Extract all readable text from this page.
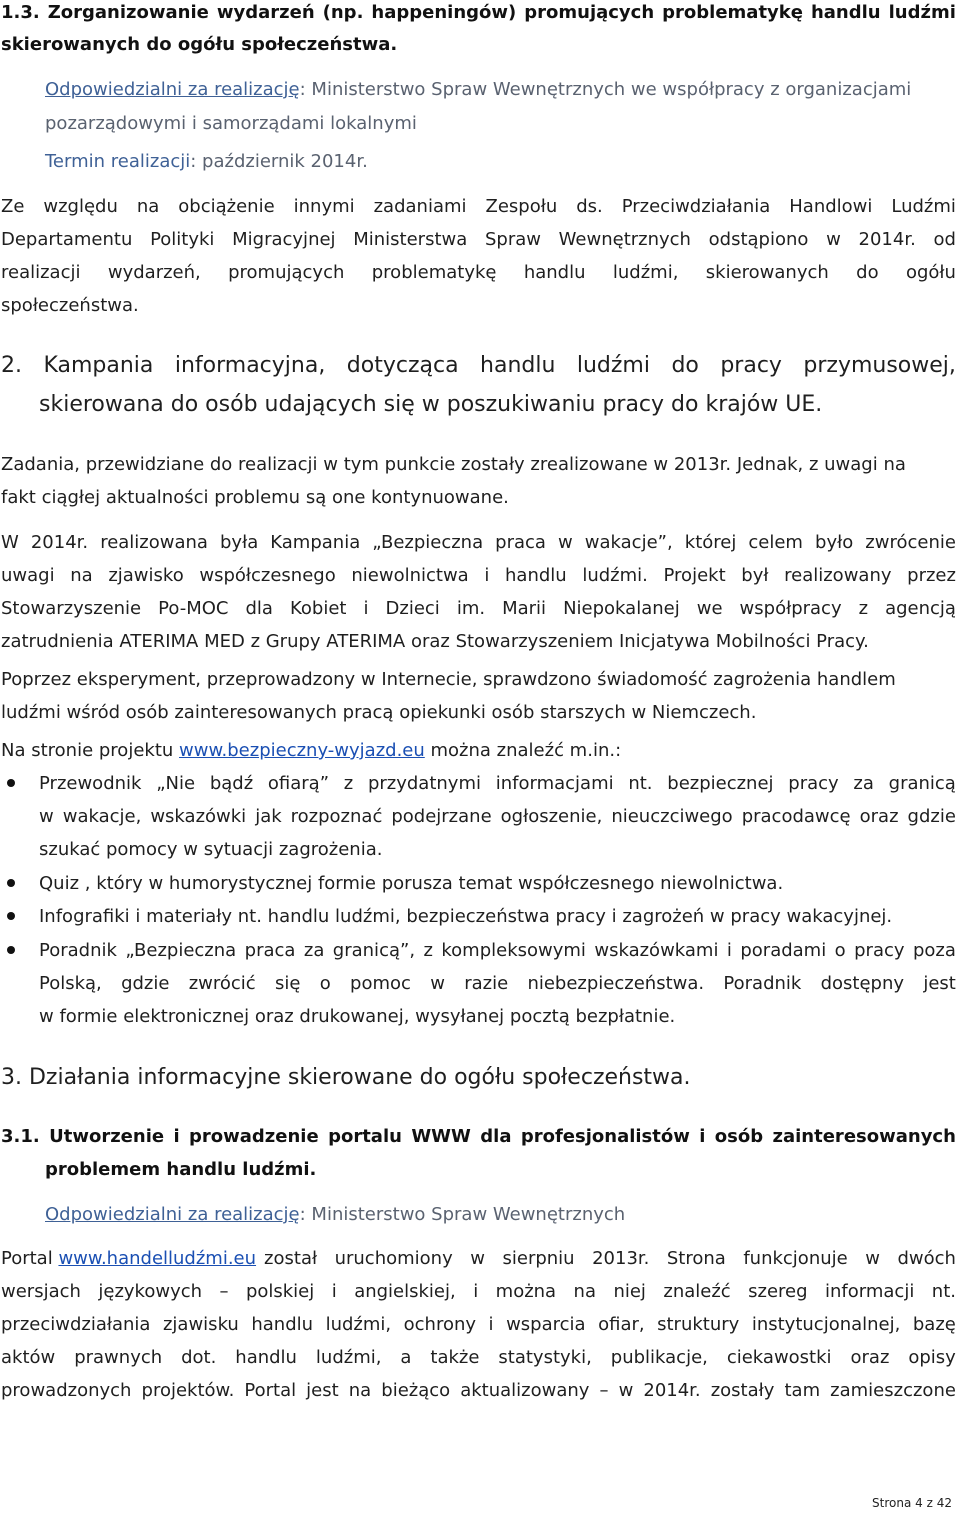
1.3. Zorganizowanie wydarzeń (np. happeningów) promujących problematykę handlu ludźmi
skierowanych do ogółu społeczeństwa.
Odpowiedzialni za realizację: Ministerstwo Spraw Wewnętrznych we współpracy z organizacjami
pozarządowymi i samorządami lokalnymi
Termin realizacji: październik 2014r.
Ze względu na obciążenie innymi zadaniami Zespołu ds. Przeciwdziałania Handlowi Ludźmi
Departamentu Polityki Migracyjnej Ministerstwa Spraw Wewnętrznych odstąpiono w 2014r. od
realizacji wydarzeń, promujących problematykę handlu ludźmi, skierowanych do ogółu
społeczeństwa.
2. Kampania informacyjna, dotycząca handlu ludźmi do pracy przymusowej,
skierowana do osób udających się w poszukiwaniu pracy do krajów UE.
Zadania, przewidziane do realizacji w tym punkcie zostały zrealizowane w 2013r. Jednak, z uwagi na
fakt ciągłej aktualności problemu są one kontynuowane.
W 2014r. realizowana była Kampania „Bezpieczna praca w wakacje”, której celem było zwrócenie
uwagi na zjawisko współczesnego niewolnictwa i handlu ludźmi. Projekt był realizowany przez
Stowarzyszenie Po-MOC dla Kobiet i Dzieci im. Marii Niepokalanej we współpracy z agencją
zatrudnienia ATERIMA MED z Grupy ATERIMA oraz Stowarzyszeniem Inicjatywa Mobilności Pracy.
Poprzez eksperyment, przeprowadzony w Internecie, sprawdzono świadomość zagrożenia handlem
ludźmi wśród osób zainteresowanych pracą opiekunki osób starszych w Niemczech.
Na stronie projektu www.bezpieczny-wyjazd.eu można znaleźć m.in.:
Przewodnik „Nie bądź ofiarą” z przydatnymi informacjami nt. bezpiecznej pracy za granicą
w wakacje, wskazówki jak rozpoznać podejrzane ogłoszenie, nieuczciwego pracodawcę oraz gdzie
szukać pomocy w sytuacji zagrożenia.
Quiz , który w humorystycznej formie porusza temat współczesnego niewolnictwa.
Infografiki i materiały nt. handlu ludźmi, bezpieczeństwa pracy i zagrożeń w pracy wakacyjnej.
Poradnik „Bezpieczna praca za granicą”, z kompleksowymi wskazówkami i poradami o pracy poza
Polską, gdzie zwrócić się o pomoc w razie niebezpieczeństwa. Poradnik dostępny jest
w formie elektronicznej oraz drukowanej, wysyłanej pocztą bezpłatnie.
3. Działania informacyjne skierowane do ogółu społeczeństwa.
3.1. Utworzenie i prowadzenie portalu WWW dla profesjonalistów i osób zainteresowanych
problemem handlu ludźmi.
Odpowiedzialni za realizację: Ministerstwo Spraw Wewnętrznych
Portal www.handelludźmi.eu został uruchomiony w sierpniu 2013r. Strona funkcjonuje w dwóch
wersjach językowych – polskiej i angielskiej, i można na niej znaleźć szereg informacji nt.
przeciwdziałania zjawisku handlu ludźmi, ochrony i wsparcia ofiar, struktury instytucjonalnej, bazę
aktów prawnych dot. handlu ludźmi, a także statystyki, publikacje, ciekawostki oraz opisy
prowadzonych projektów. Portal jest na bieżąco aktualizowany – w 2014r. zostały tam zamieszczone
Strona 4 z 42
